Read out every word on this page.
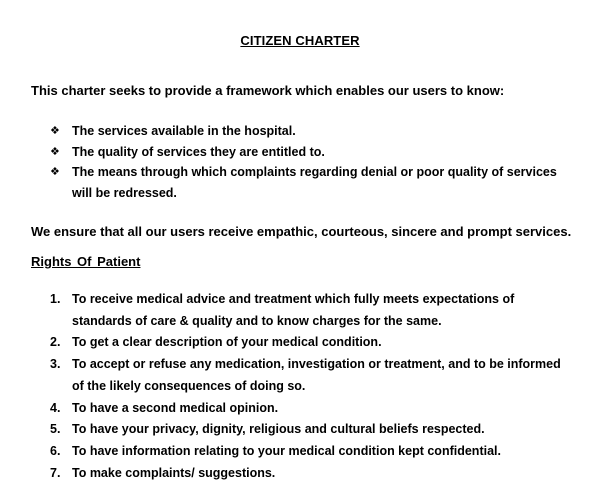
CITIZEN CHARTER
This charter seeks to provide a framework which enables our users to know:
❖ The services available in the hospital.
❖ The quality of services they are entitled to.
❖ The means through which complaints regarding denial or poor quality of services will be redressed.
We ensure that all our users receive empathic, courteous, sincere and prompt services.
Rights Of Patient
1. To receive medical advice and treatment which fully meets expectations of standards of care & quality and to know charges for the same.
2. To get a clear description of your medical condition.
3. To accept or refuse any medication, investigation or treatment, and to be informed of the likely consequences of doing so.
4. To have a second medical opinion.
5. To have your privacy, dignity, religious and cultural beliefs respected.
6. To have information relating to your medical condition kept confidential.
7. To make complaints/ suggestions.
